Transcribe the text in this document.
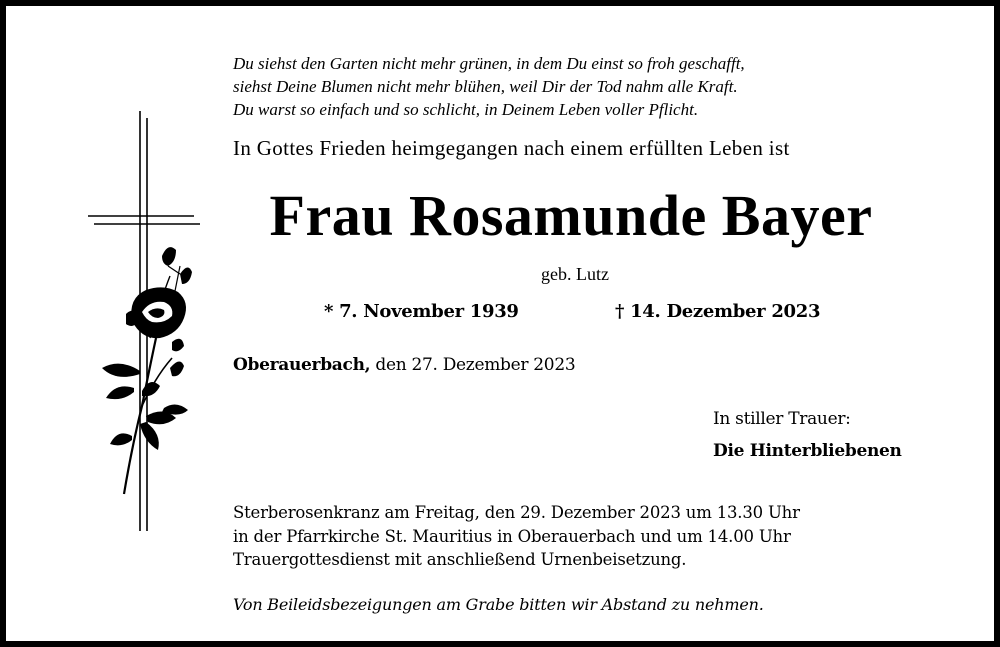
Du siehst den Garten nicht mehr grünen, in dem Du einst so froh geschafft,
siehst Deine Blumen nicht mehr blühen, weil Dir der Tod nahm alle Kraft.
Du warst so einfach und so schlicht, in Deinem Leben voller Pflicht.
In Gottes Frieden heimgegangen nach einem erfüllten Leben ist
Frau Rosamunde Bayer
geb. Lutz
* 7. November 1939	† 14. Dezember 2023
Oberauerbach, den 27. Dezember 2023
In stiller Trauer:
Die Hinterbliebenen
Sterberosenkranz am Freitag, den 29. Dezember 2023 um 13.30 Uhr
in der Pfarrkirche St. Mauritius in Oberauerbach und um 14.00 Uhr
Trauergottesdienst mit anschließend Urnenbeisetzung.
Von Beileidsbezeigungen am Grabe bitten wir Abstand zu nehmen.
